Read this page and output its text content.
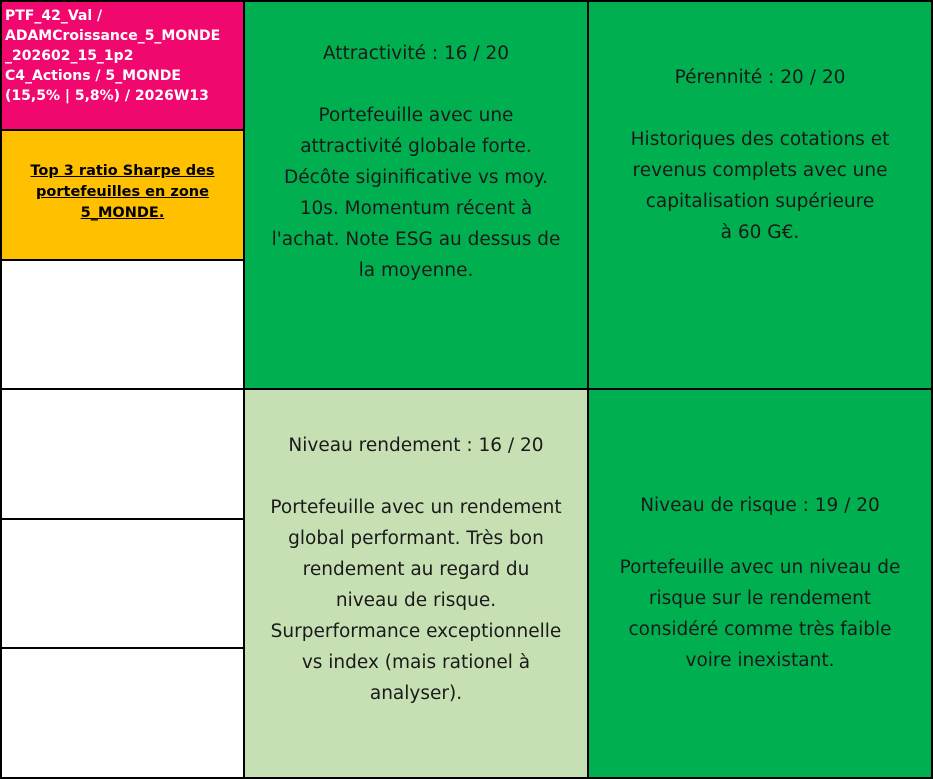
PTF_42_Val /
ADAMCroissance_5_MONDE
_202602_15_1p2
C4_Actions / 5_MONDE
(15,5% | 5,8%) / 2026W13
Top 3 ratio Sharpe des
portefeuilles en zone
5_MONDE.
Attractivité : 16 / 20
Portefeuille avec une
attractivité globale forte.
Décôte siginificative vs moy.
10s. Momentum récent à
l'achat. Note ESG au dessus de
la moyenne.
Pérennité : 20 / 20
Historiques des cotations et
revenus complets avec une
capitalisation supérieure
à 60 G€.
Niveau rendement : 16 / 20
Portefeuille avec un rendement
global performant. Très bon
rendement au regard du
niveau de risque.
Surperformance exceptionnelle
vs index (mais rationel à
analyser).
Niveau de risque : 19 / 20
Portefeuille avec un niveau de
risque sur le rendement
considéré comme très faible
voire inexistant.
